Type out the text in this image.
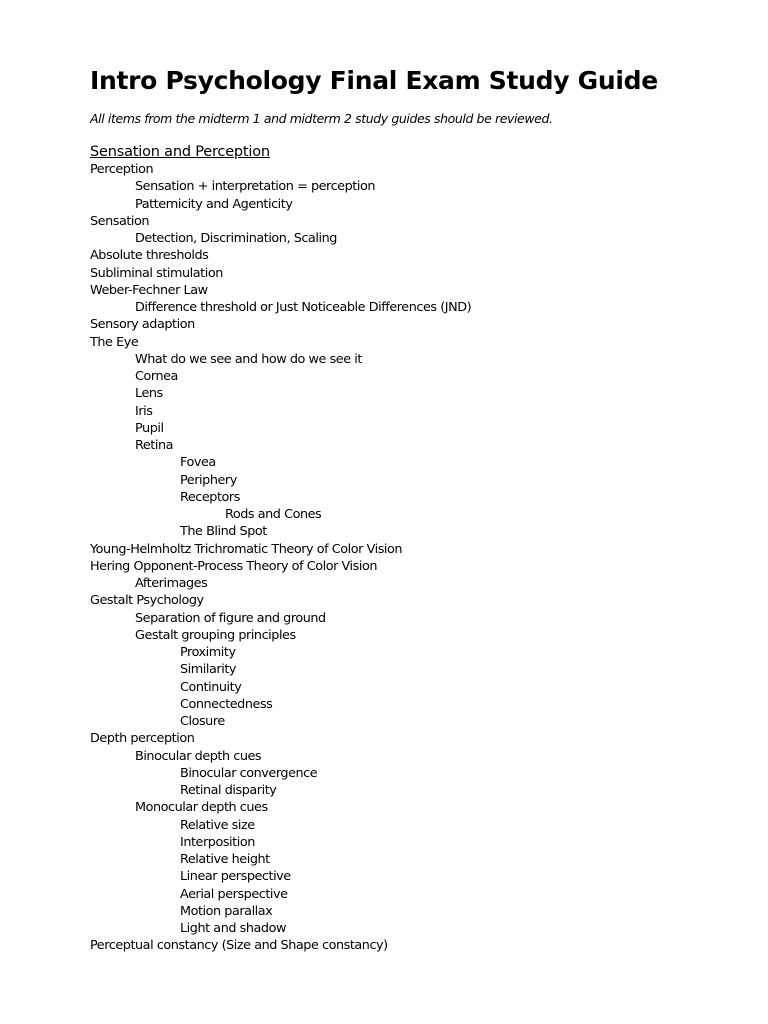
Intro Psychology Final Exam Study Guide
All items from the midterm 1 and midterm 2 study guides should be reviewed.
Sensation and Perception
Perception
Sensation + interpretation = perception
Patternicity and Agenticity
Sensation
Detection, Discrimination, Scaling
Absolute thresholds
Subliminal stimulation
Weber-Fechner Law
Difference threshold or Just Noticeable Differences (JND)
Sensory adaption
The Eye
What do we see and how do we see it
Cornea
Lens
Iris
Pupil
Retina
Fovea
Periphery
Receptors
Rods and Cones
The Blind Spot
Young-Helmholtz Trichromatic Theory of Color Vision
Hering Opponent-Process Theory of Color Vision
Afterimages
Gestalt Psychology
Separation of figure and ground
Gestalt grouping principles
Proximity
Similarity
Continuity
Connectedness
Closure
Depth perception
Binocular depth cues
Binocular convergence
Retinal disparity
Monocular depth cues
Relative size
Interposition
Relative height
Linear perspective
Aerial perspective
Motion parallax
Light and shadow
Perceptual constancy (Size and Shape constancy)
